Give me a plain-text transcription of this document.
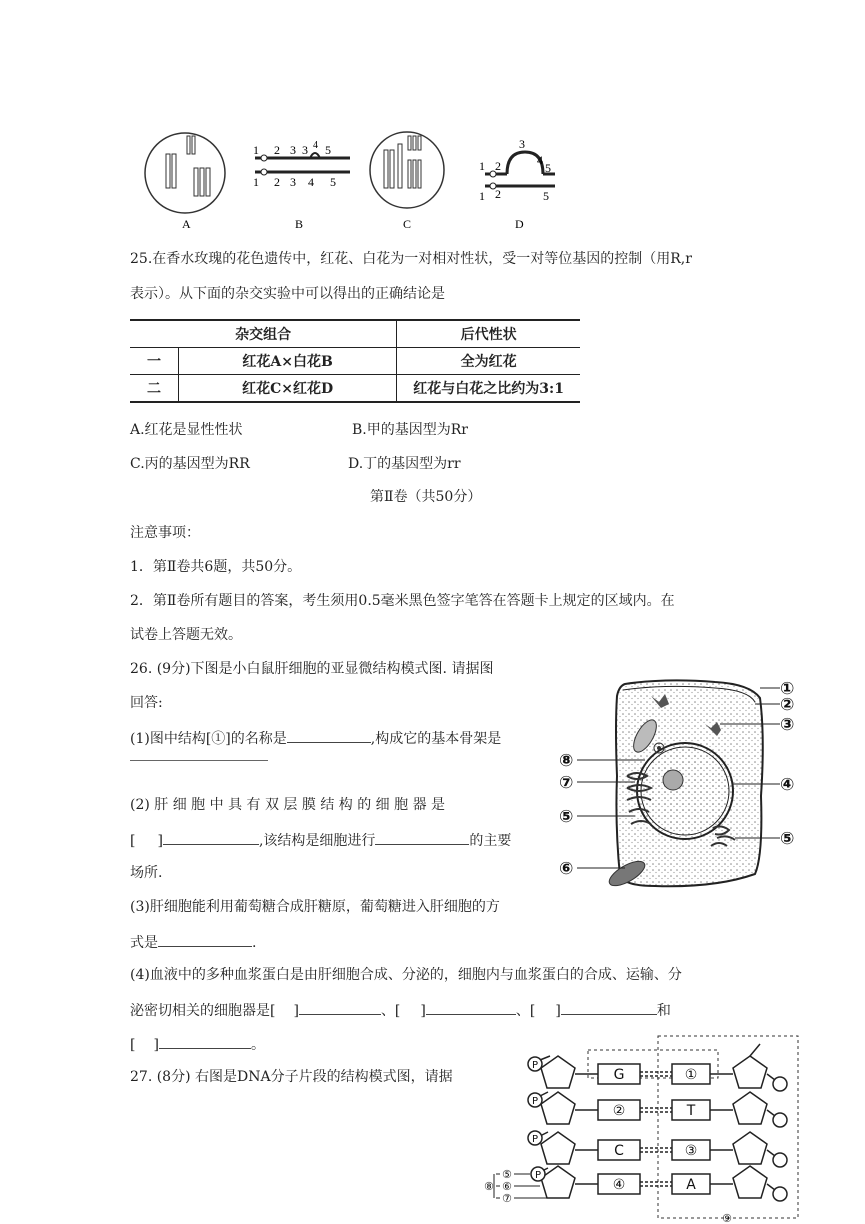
A
1 2 3 3 4 5
1 2 3 4 5
B	C
1 2
3
4
5
1 2	5
D
25.在香水玫瑰的花色遗传中，红花、白花为一对相对性状，受一对等位基因的控制（用R,r
表示）。从下面的杂交实验中可以得出的正确结论是
杂交组合		后代性状
一	红花A×白花B	全为红花
二	红花C×红花D	红花与白花之比约为3:1
A.红花是显性性状	B.甲的基因型为Rr
C.丙的基因型为RR	D.丁的基因型为rr
第Ⅱ卷（共50分）
注意事项：
1．第Ⅱ卷共6题，共50分。
2．第Ⅱ卷所有题目的答案，考生须用0.5毫米黑色签字笔答在答题卡上规定的区域内。在
试卷上答题无效。
26. (9分)下图是小白鼠肝细胞的亚显微结构模式图. 请据图
回答:
(1)图中结构[①]的名称是	,构成它的基本骨架是
(2) 肝 细 胞 中 具 有 双 层 膜 结 构 的 细 胞 器 是
[ ]	,该结构是细胞进行	的主要
场所.
(3)肝细胞能利用葡萄糖合成肝糖原，葡萄糖进入肝细胞的方
式是	.
(4)血液中的多种血浆蛋白是由肝细胞合成、分泌的，细胞内与血浆蛋白的合成、运输、分
泌密切相关的细胞器是[ ]	、[ ]	、[ ]	和
[ ]	。
①
②
③
④
⑤
⑧
⑦
⑤
⑥
27. (8分) 右图是DNA分子片段的结构模式图，请据
P
P
P
P
G
②
C
④
①
T
③
A
⑤
⑥
⑦
⑧
⑨
